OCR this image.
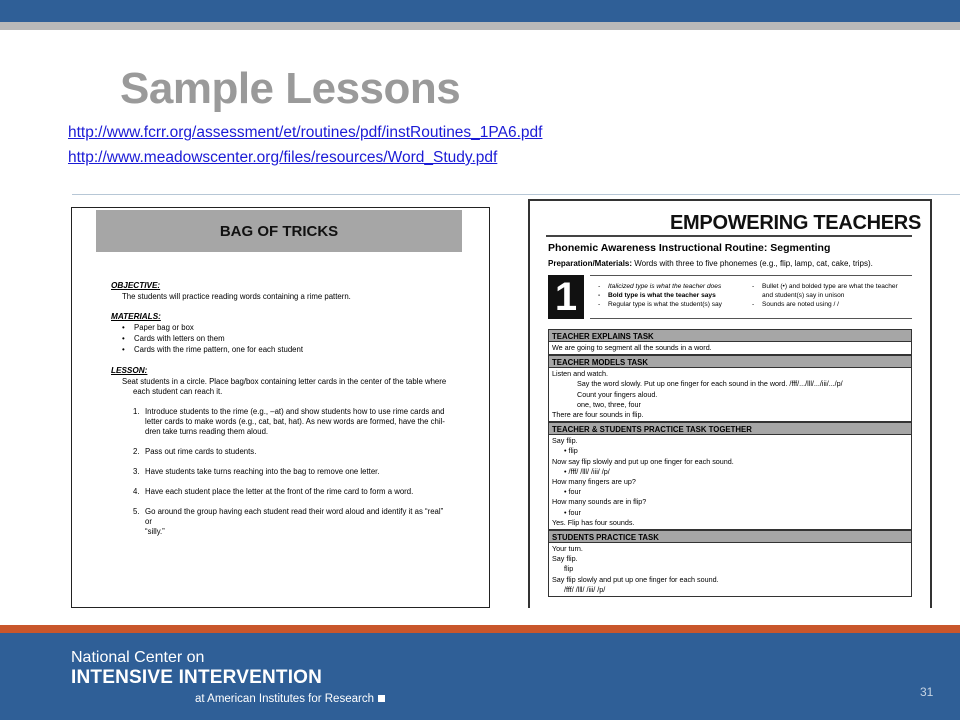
Sample Lessons
http://www.fcrr.org/assessment/et/routines/pdf/instRoutines_1PA6.pdf
http://www.meadowscenter.org/files/resources/Word_Study.pdf
BAG OF TRICKS
OBJECTIVE:
The students will practice reading words containing a rime pattern.
MATERIALS:
• Paper bag or box
• Cards with letters on them
• Cards with the rime pattern, one for each student
LESSON:
Seat students in a circle. Place bag/box containing letter cards in the center of the table where
each student can reach it.
1. Introduce students to the rime (e.g., –at) and show students how to use rime cards and
letter cards to make words (e.g., cat, bat, hat). As new words are formed, have the chil-
dren take turns reading them aloud.
2. Pass out rime cards to students.
3. Have students take turns reaching into the bag to remove one letter.
4. Have each student place the letter at the front of the rime card to form a word.
5. Go around the group having each student read their word aloud and identify it as “real” or
“silly.”
EMPOWERING TEACHERS
Phonemic Awareness Instructional Routine: Segmenting
Preparation/Materials: Words with three to five phonemes (e.g., flip, lamp, cat, cake, trips).
1
-	Italicized type is what the teacher does
- Bold type is what the teacher says
- Regular type is what the student(s) say
- Bullet (•) and bolded type are what the teacher
and student(s) say in unison
- Sounds are noted using / /
TEACHER EXPLAINS TASK
We are going to segment all the sounds in a word.
TEACHER MODELS TASK
Listen and watch.
Say the word slowly. Put up one finger for each sound in the word. /fff/.../lll/.../iii/.../p/
Count your fingers aloud.
one, two, three, four
There are four sounds in flip.
TEACHER & STUDENTS PRACTICE TASK TOGETHER
Say flip.
• flip
Now say flip slowly and put up one finger for each sound.
• /fff/ /lll/ /iii/ /p/
How many fingers are up?
• four
How many sounds are in flip?
• four
Yes. Flip has four sounds.
STUDENTS PRACTICE TASK
Your turn.
Say flip.
flip
Say flip slowly and put up one finger for each sound.
/fff/ /lll/ /iii/ /p/
National Center on
INTENSIVE INTERVENTION
at American Institutes for Research	31
